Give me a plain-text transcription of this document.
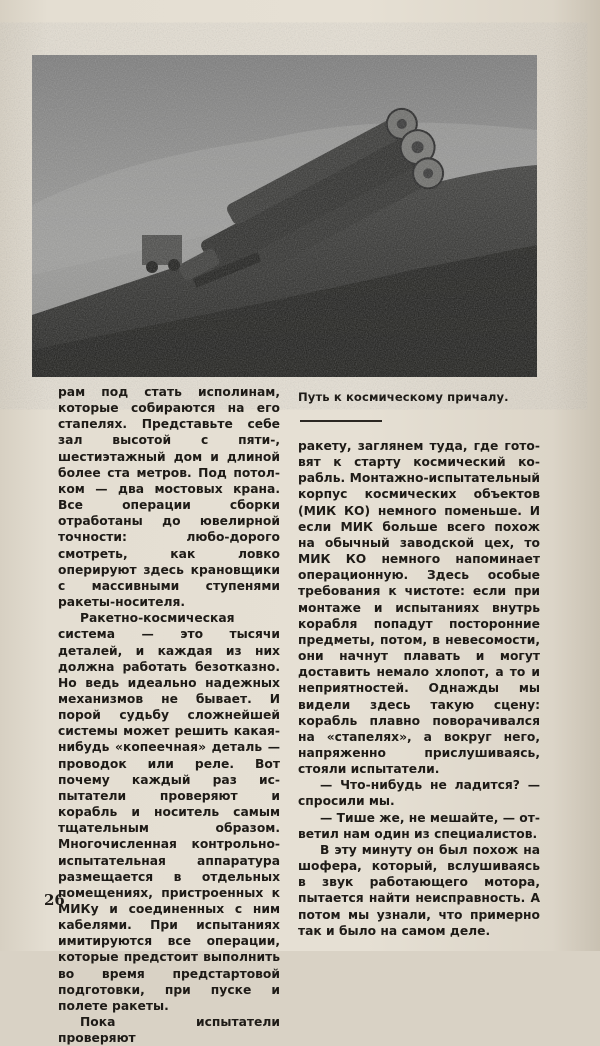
рам под стать исполинам, которые собираются на его стапелях. Представьте себе зал высотой с пяти-, шестиэтажный дом и длиной более ста метров. Под потолком — два мостовых крана. Все операции сборки отработаны до ювелирной точности: любо-дорого смотреть, как ловко оперируют здесь крановщики с массивными ступенями ракеты-носителя.

Ракетно-космическая система — это тысячи деталей, и каждая из них должна работать безотказно. Но ведь идеально надежных механизмов не бывает. И порой судьбу сложнейшей системы может решить какая-нибудь «копеечная» деталь — проводок или реле. Вот почему каждый раз испытатели проверяют и корабль и носитель самым тщательным образом. Многочисленная контрольно-испытательная аппаратура размещается в отдельных помещениях, пристроенных к МИКу и соединенных с ним кабелями. При испытаниях имитируются все операции, которые предстоит выполнить во время предстартовой подготовки, при пуске и полете ракеты.

Пока испытатели проверяют

Путь к космическому причалу.

ракету, заглянем туда, где готовят к старту космический корабль. Монтажно-испытательный корпус космических объектов (МИК КО) немного поменьше. И если МИК больше всего похож на обычный заводской цех, то МИК КО немного напоминает операционную. Здесь особые требования к чистоте: если при монтаже и испытаниях внутрь корабля попадут посторонние предметы, потом, в невесомости, они начнут плавать и могут доставить немало хлопот, а то и неприятностей. Однажды мы видели здесь такую сцену: корабль плавно поворачивался на «стапелях», а вокруг него, напряженно прислушиваясь, стояли испытатели.

— Что-нибудь не ладится? — спросили мы.

— Тише же, не мешайте, — ответил нам один из специалистов.

В эту минуту он был похож на шофера, который, вслушиваясь в звук работающего мотора, пытается найти неисправность. А потом мы узнали, что примерно так и было на самом деле.

26
